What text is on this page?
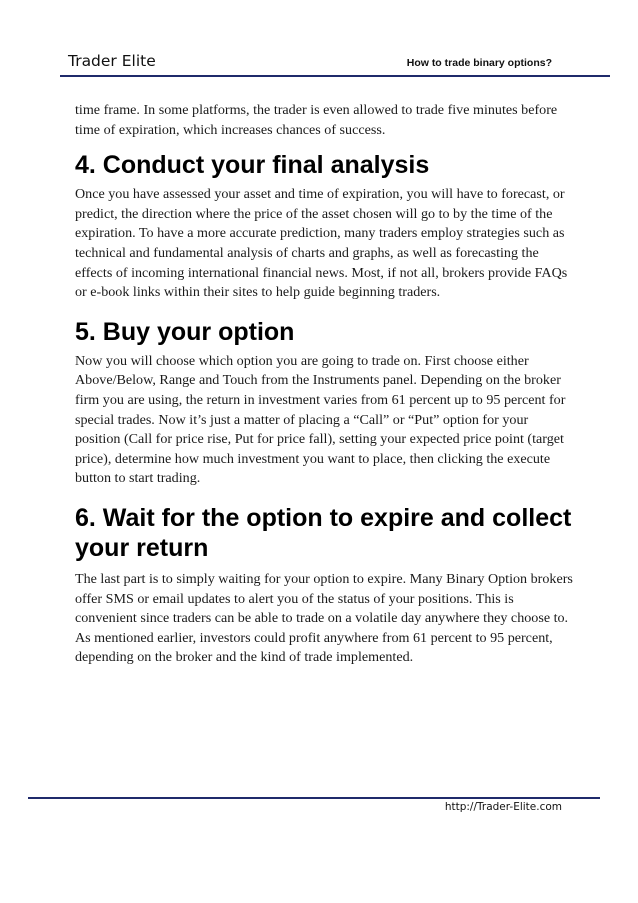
Trader Elite	How to trade binary options?

time frame. In some platforms, the trader is even allowed to trade five minutes before time of expiration, which increases chances of success.

4. Conduct your final analysis

Once you have assessed your asset and time of expiration, you will have to forecast, or predict, the direction where the price of the asset chosen will go to by the time of the expiration. To have a more accurate prediction, many traders employ strategies such as technical and fundamental analysis of charts and graphs, as well as forecasting the effects of incoming international financial news. Most, if not all, brokers provide FAQs or e-book links within their sites to help guide beginning traders.

5. Buy your option

Now you will choose which option you are going to trade on. First choose either Above/Below, Range and Touch from the Instruments panel. Depending on the broker firm you are using, the return in investment varies from 61 percent up to 95 percent for special trades. Now it’s just a matter of placing a “Call” or “Put” option for your position (Call for price rise, Put for price fall), setting your expected price point (target price), determine how much investment you want to place, then clicking the execute button to start trading.

6. Wait for the option to expire and collect your return

The last part is to simply waiting for your option to expire. Many Binary Option brokers offer SMS or email updates to alert you of the status of your positions. This is convenient since traders can be able to trade on a volatile day anywhere they choose to. As mentioned earlier, investors could profit anywhere from 61 percent to 95 percent, depending on the broker and the kind of trade implemented.

http://Trader-Elite.com
